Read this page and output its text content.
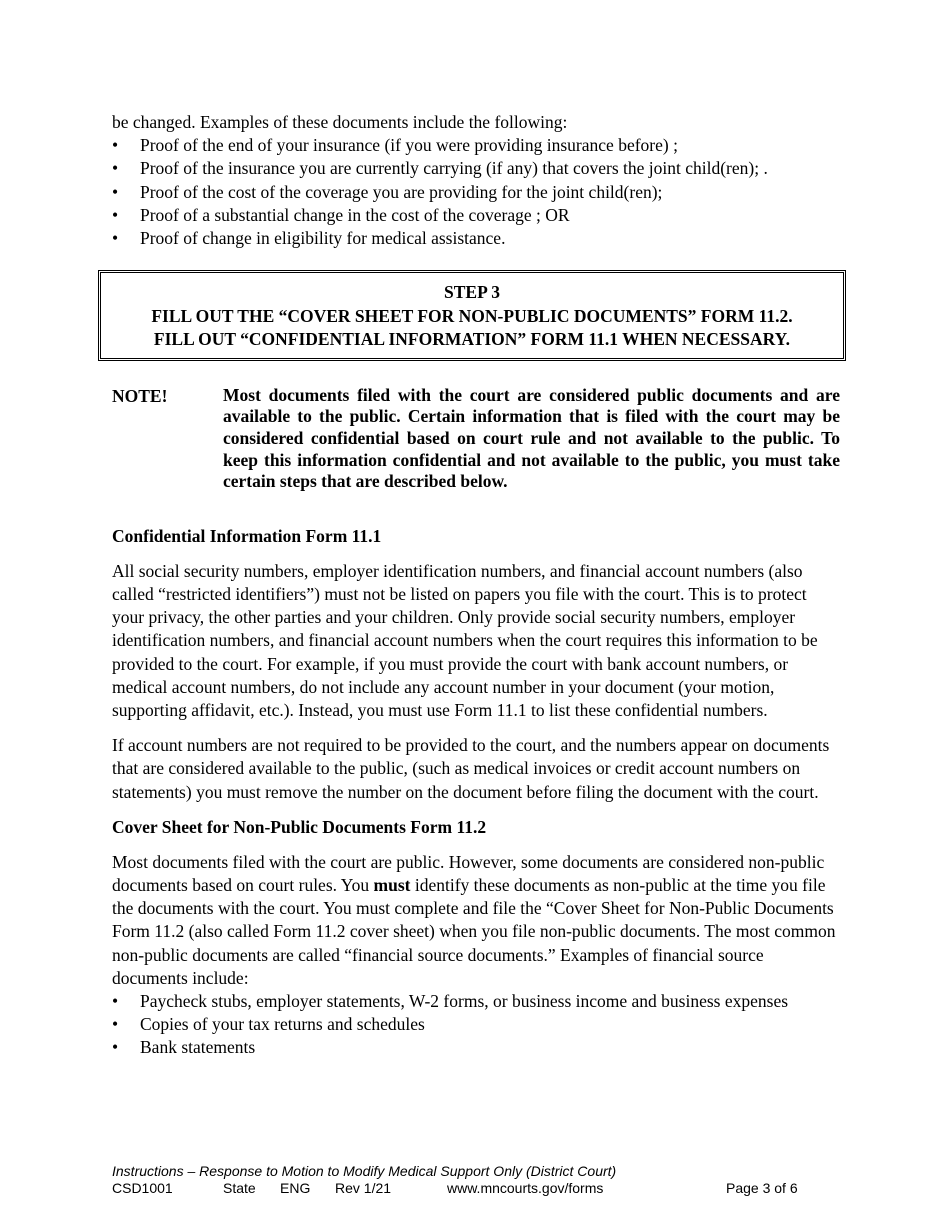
be changed. Examples of these documents include the following:

• Proof of the end of your insurance (if you were providing insurance before) ;
• Proof of the insurance you are currently carrying (if any) that covers the joint child(ren); .
• Proof of the cost of the coverage you are providing for the joint child(ren);
• Proof of a substantial change in the cost of the coverage ; OR
• Proof of change in eligibility for medical assistance.
STEP 3
FILL OUT THE “COVER SHEET FOR NON-PUBLIC DOCUMENTS” FORM 11.2.
FILL OUT “CONFIDENTIAL INFORMATION” FORM 11.1 WHEN NECESSARY.
NOTE!	Most documents filed with the court are considered public documents and are available to the public. Certain information that is filed with the court may be considered confidential based on court rule and not available to the public. To keep this information confidential and not available to the public, you must take certain steps that are described below.
Confidential Information Form 11.1

All social security numbers, employer identification numbers, and financial account numbers (also called “restricted identifiers”) must not be listed on papers you file with the court. This is to protect your privacy, the other parties and your children. Only provide social security numbers, employer identification numbers, and financial account numbers when the court requires this information to be provided to the court. For example, if you must provide the court with bank account numbers, or medical account numbers, do not include any account number in your document (your motion, supporting affidavit, etc.). Instead, you must use Form 11.1 to list these confidential numbers.

If account numbers are not required to be provided to the court, and the numbers appear on documents that are considered available to the public, (such as medical invoices or credit account numbers on statements) you must remove the number on the document before filing the document with the court.

Cover Sheet for Non-Public Documents Form 11.2

Most documents filed with the court are public. However, some documents are considered non-public documents based on court rules. You must identify these documents as non-public at the time you file the documents with the court. You must complete and file the “Cover Sheet for Non-Public Documents Form 11.2 (also called Form 11.2 cover sheet) when you file non-public documents. The most common non-public documents are called “financial source documents.” Examples of financial source documents include:

• Paycheck stubs, employer statements, W-2 forms, or business income and business expenses
• Copies of your tax returns and schedules
• Bank statements
Instructions – Response to Motion to Modify Medical Support Only (District Court)
CSD1001	State ENG Rev 1/21	www.mncourts.gov/forms	Page 3 of 6
